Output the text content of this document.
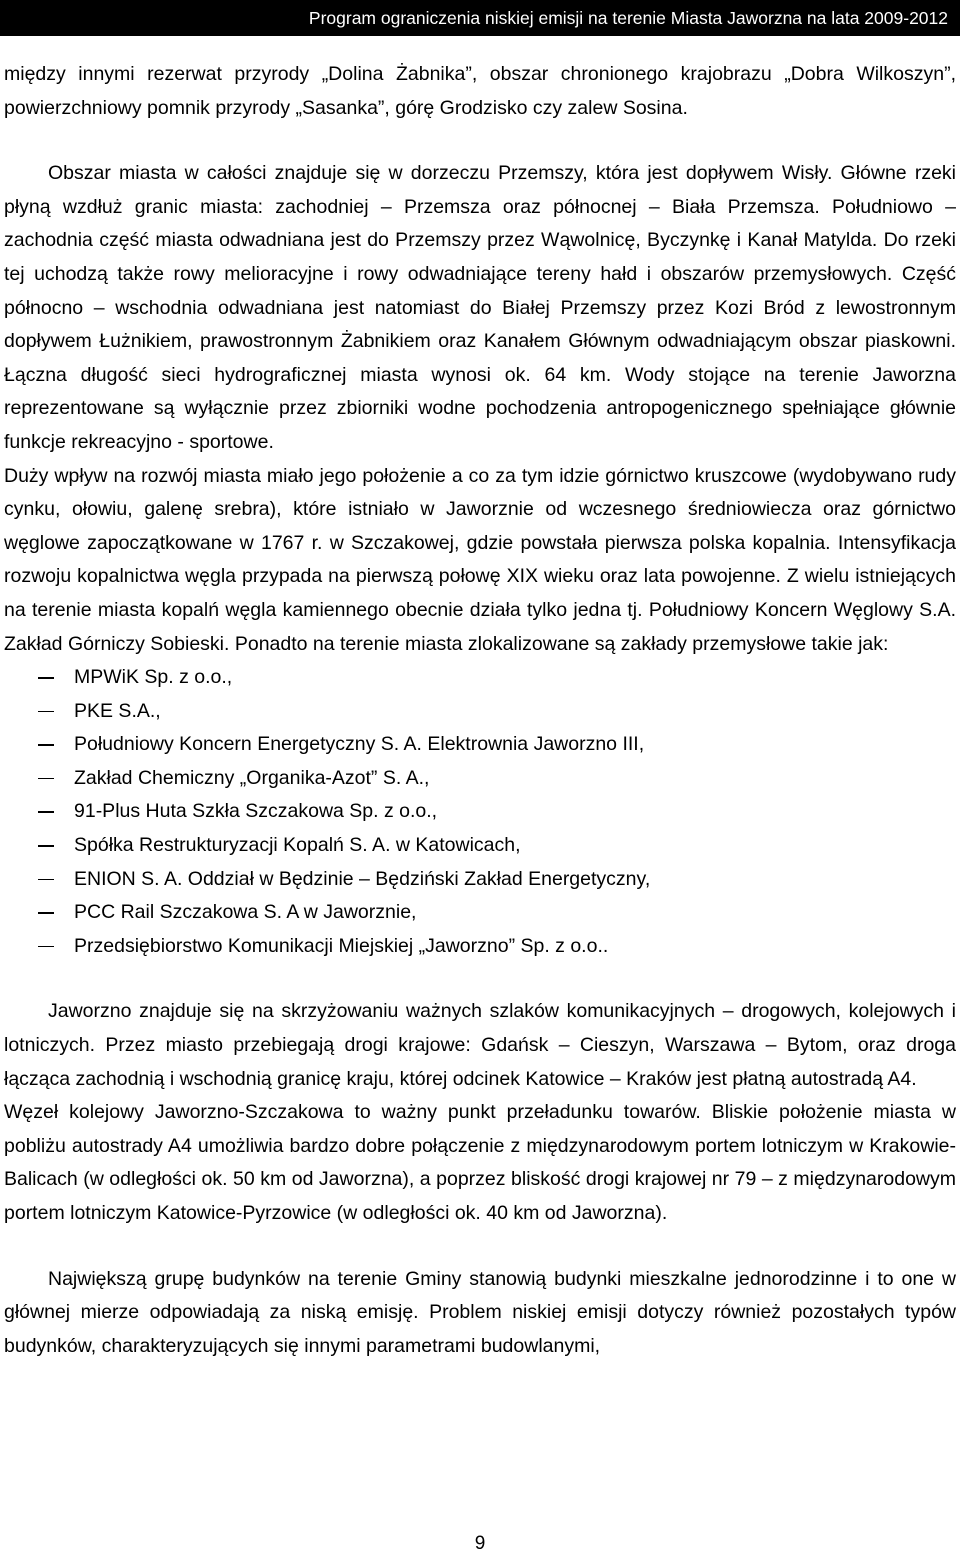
Program ograniczenia niskiej emisji na terenie Miasta Jaworzna na lata 2009-2012

między innymi rezerwat przyrody „Dolina Żabnika”, obszar chronionego krajobrazu „Dobra Wilkoszyn”, powierzchniowy pomnik przyrody „Sasanka”, górę Grodzisko czy zalew Sosina.

Obszar miasta w całości znajduje się w dorzeczu Przemszy, która jest dopływem Wisły. Główne rzeki płyną wzdłuż granic miasta: zachodniej – Przemsza oraz północnej – Biała Przemsza. Południowo – zachodnia część miasta odwadniana jest do Przemszy przez Wąwolnicę, Byczynkę i Kanał Matylda. Do rzeki tej uchodzą także rowy melioracyjne i rowy odwadniające tereny hałd i obszarów przemysłowych. Część północno – wschodnia odwadniana jest natomiast do Białej Przemszy przez Kozi Bród z lewostronnym dopływem Łużnikiem, prawostronnym Żabnikiem oraz Kanałem Głównym odwadniającym obszar piaskowni. Łączna długość sieci hydrograficznej miasta wynosi ok. 64 km. Wody stojące na terenie Jaworzna reprezentowane są wyłącznie przez zbiorniki wodne pochodzenia antropogenicznego spełniające głównie funkcje rekreacyjno - sportowe.

Duży wpływ na rozwój miasta miało jego położenie a co za tym idzie górnictwo kruszcowe (wydobywano rudy cynku, ołowiu, galenę srebra), które istniało w Jaworznie od wczesnego średniowiecza oraz górnictwo węglowe zapoczątkowane w 1767 r. w Szczakowej, gdzie powstała pierwsza polska kopalnia. Intensyfikacja rozwoju kopalnictwa węgla przypada na pierwszą połowę XIX wieku oraz lata powojenne. Z wielu istniejących na terenie miasta kopalń węgla kamiennego obecnie działa tylko jedna tj. Południowy Koncern Węglowy S.A. Zakład Górniczy Sobieski. Ponadto na terenie miasta zlokalizowane są zakłady przemysłowe takie jak:

MPWiK Sp. z o.o.,
PKE S.A.,
Południowy Koncern Energetyczny S. A. Elektrownia Jaworzno III,
Zakład Chemiczny „Organika-Azot” S. A.,
91-Plus Huta Szkła Szczakowa Sp. z o.o.,
Spółka Restrukturyzacji Kopalń S. A. w Katowicach,
ENION S. A. Oddział w Będzinie – Będziński Zakład Energetyczny,
PCC Rail Szczakowa S. A w Jaworznie,
Przedsiębiorstwo Komunikacji Miejskiej „Jaworzno” Sp. z o.o..

Jaworzno znajduje się na skrzyżowaniu ważnych szlaków komunikacyjnych – drogowych, kolejowych i lotniczych. Przez miasto przebiegają drogi krajowe: Gdańsk – Cieszyn, Warszawa – Bytom, oraz droga łącząca zachodnią i wschodnią granicę kraju, której odcinek Katowice – Kraków jest płatną autostradą A4.

Węzeł kolejowy Jaworzno-Szczakowa to ważny punkt przeładunku towarów. Bliskie położenie miasta w pobliżu autostrady A4 umożliwia bardzo dobre połączenie z międzynarodowym portem lotniczym w Krakowie-Balicach (w odległości ok. 50 km od Jaworzna), a poprzez bliskość drogi krajowej nr 79 – z międzynarodowym portem lotniczym Katowice-Pyrzowice (w odległości ok. 40 km od Jaworzna).

Największą grupę budynków na terenie Gminy stanowią budynki mieszkalne jednorodzinne i to one w głównej mierze odpowiadają za niską emisję. Problem niskiej emisji dotyczy również pozostałych typów budynków, charakteryzujących się innymi parametrami budowlanymi,

9
